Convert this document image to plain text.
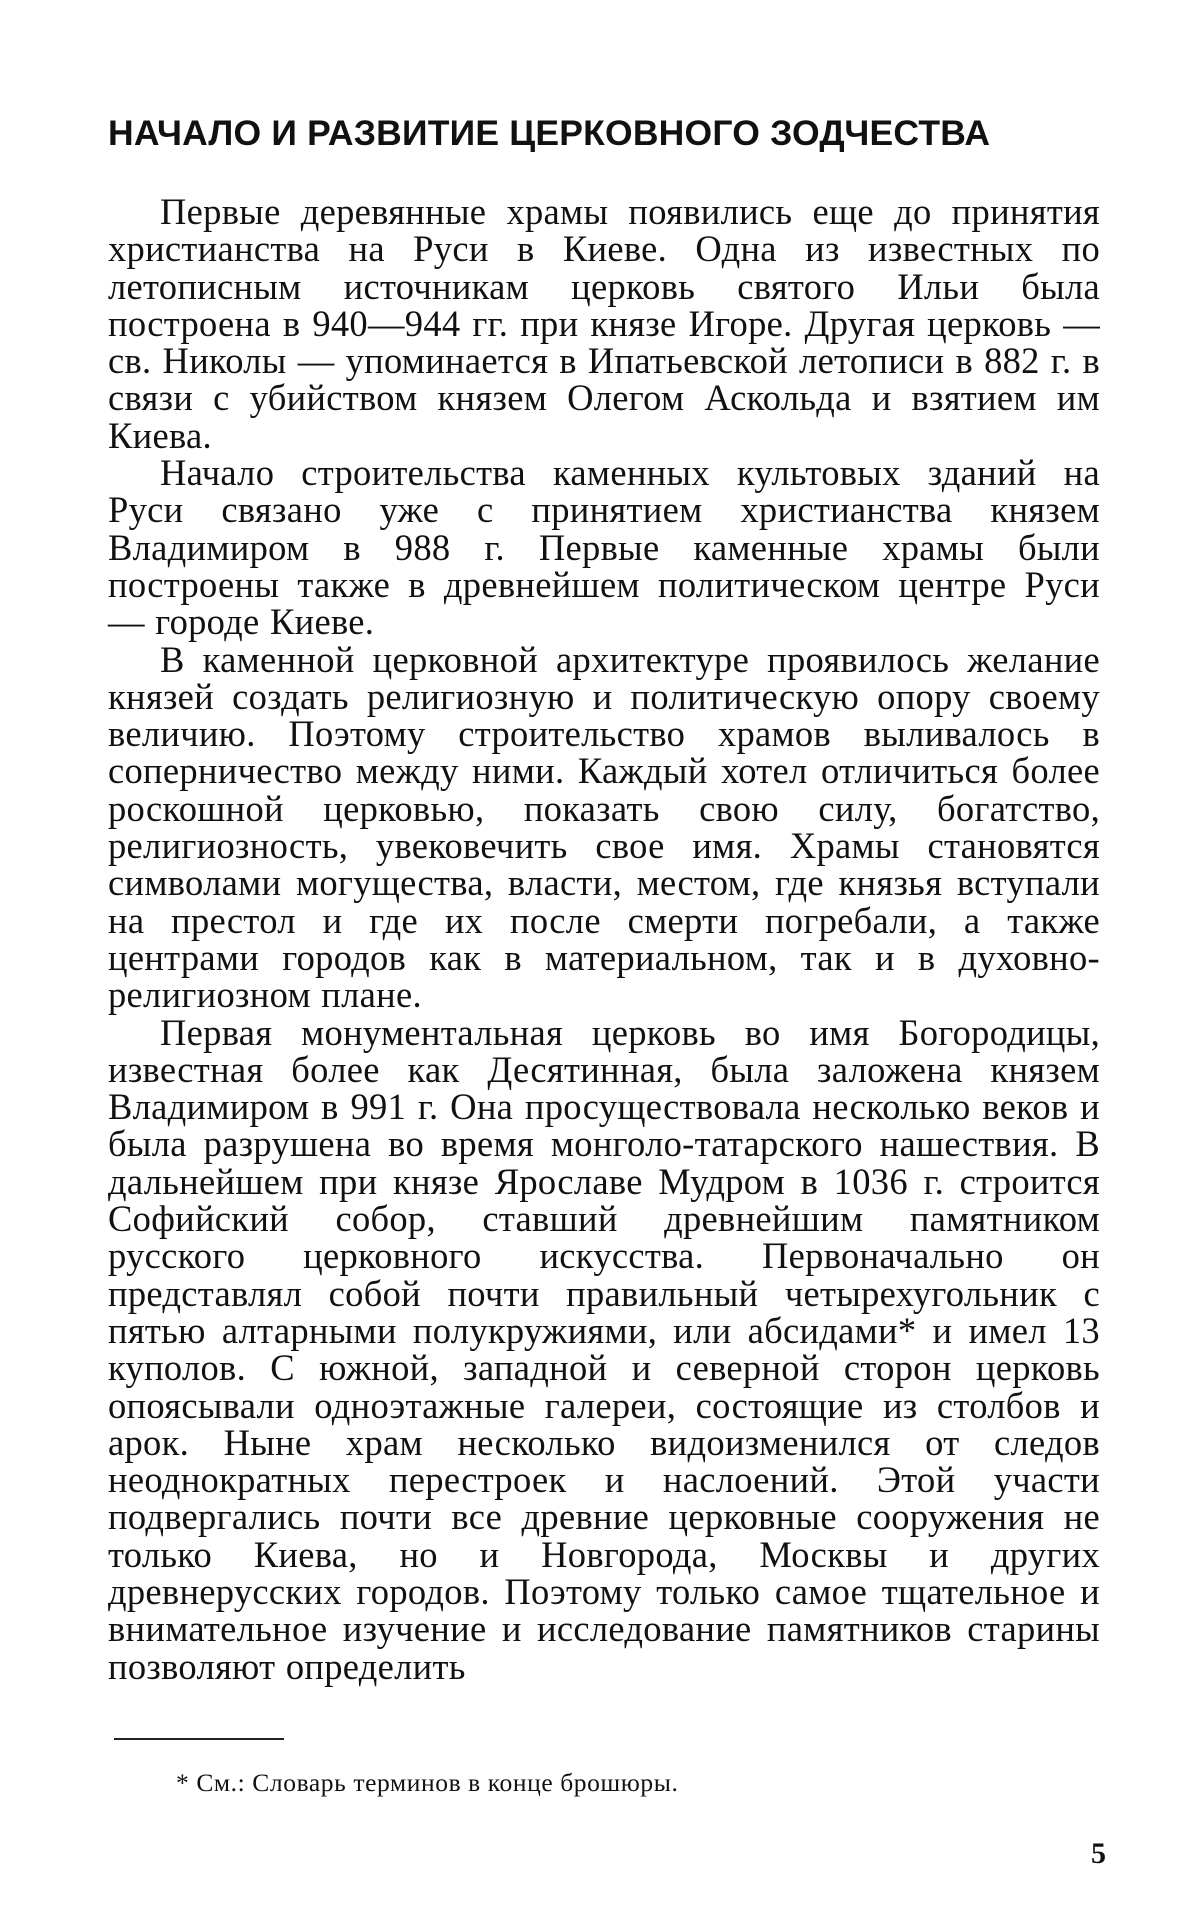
НАЧАЛО И РАЗВИТИЕ ЦЕРКОВНОГО ЗОДЧЕСТВА

Первые деревянные храмы появились еще до принятия христианства на Руси в Киеве. Одна из известных по летописным источникам церковь святого Ильи была построена в 940—944 гг. при князе Игоре. Другая церковь — св. Николы — упоминается в Ипатьевской летописи в 882 г. в связи с убийством князем Олегом Аскольда и взятием им Киева.

Начало строительства каменных культовых зданий на Руси связано уже с принятием христианства князем Владимиром в 988 г. Первые каменные храмы были построены также в древнейшем политическом центре Руси — городе Киеве.

В каменной церковной архитектуре проявилось желание князей создать религиозную и политическую опору своему величию. Поэтому строительство храмов выливалось в соперничество между ними. Каждый хотел отличиться более роскошной церковью, показать свою силу, богатство, религиозность, увековечить свое имя. Храмы становятся символами могущества, власти, местом, где князья вступали на престол и где их после смерти погребали, а также центрами городов как в материальном, так и в духовно-религиозном плане.

Первая монументальная церковь во имя Богородицы, известная более как Десятинная, была заложена князем Владимиром в 991 г. Она просуществовала несколько веков и была разрушена во время монголо-татарского нашествия. В дальнейшем при князе Ярославе Мудром в 1036 г. строится Софийский собор, ставший древнейшим памятником русского церковного искусства. Первоначально он представлял собой почти правильный четырехугольник с пятью алтарными полукружиями, или абсидами* и имел 13 куполов. С южной, западной и северной сторон церковь опоясывали одноэтажные галереи, состоящие из столбов и арок. Ныне храм несколько видоизменился от следов неоднократных перестроек и наслоений. Этой участи подвергались почти все древние церковные сооружения не только Киева, но и Новгорода, Москвы и других древнерусских городов. Поэтому только самое тщательное и внимательное изучение и исследование памятников старины позволяют определить

* См.: Словарь терминов в конце брошюры.
5
